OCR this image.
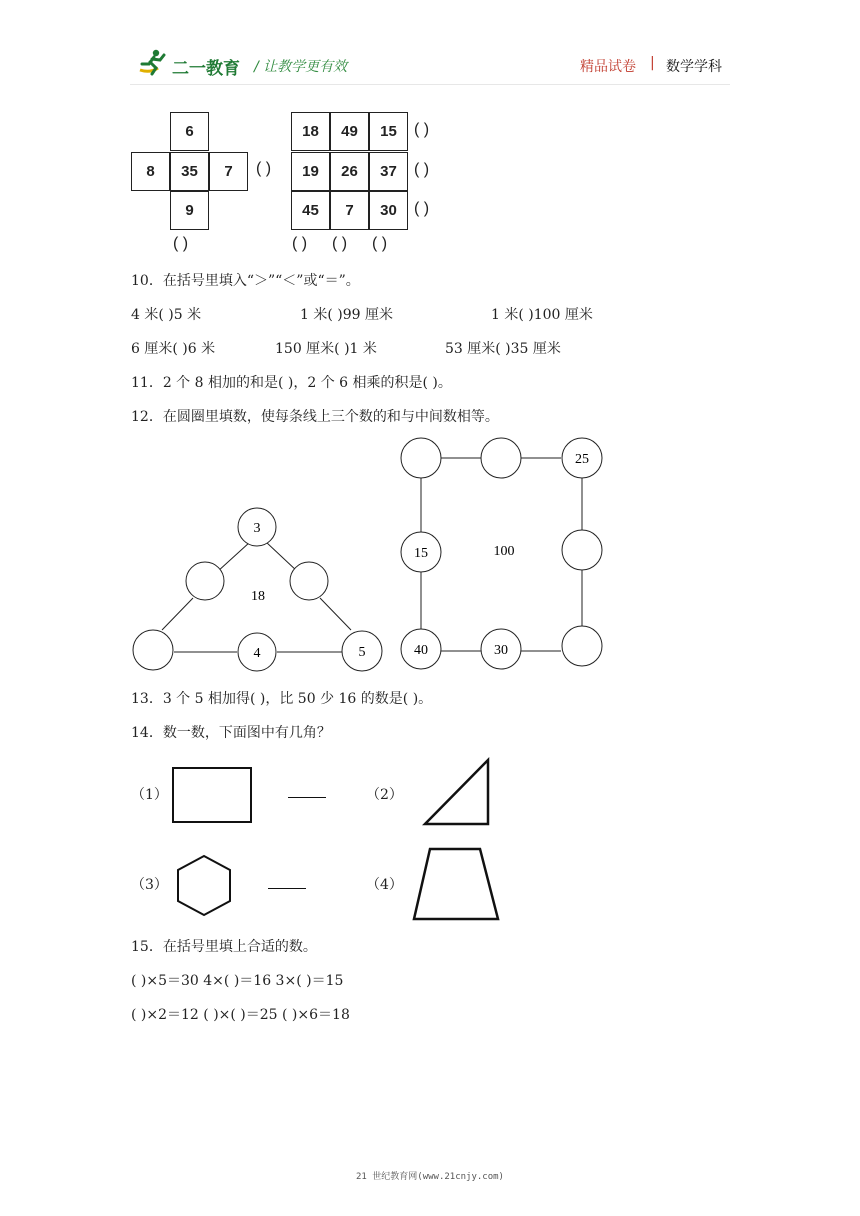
二一教育 / 让教学更有效	精品试卷 | 数学学科
6
8	35	7
9
( )
( )
18	49	15
19	26	37
45	7	30
( )
( )
( )
( ) ( ) ( )
10．在括号里填入“＞”“＜”或“＝”。
4 米( )5 米	1 米( )99 厘米	1 米( )100 厘米
6 厘米( )6 米	150 厘米( )1 米	53 厘米( )35 厘米
11．2 个 8 相加的和是( )，2 个 6 相乘的积是( )。
12．在圆圈里填数，使每条线上三个数的和与中间数相等。
3
18
4	5
25
15	100
40	30
13．3 个 5 相加得( )，比 50 少 16 的数是( )。
14．数一数，下面图中有几角？
（1）	（2）
（3）	（4）
15．在括号里填上合适的数。
( )×5＝30 4×( )＝16 3×( )＝15
( )×2＝12 ( )×( )＝25 ( )×6＝18
21 世纪教育网(www.21cnjy.com)
